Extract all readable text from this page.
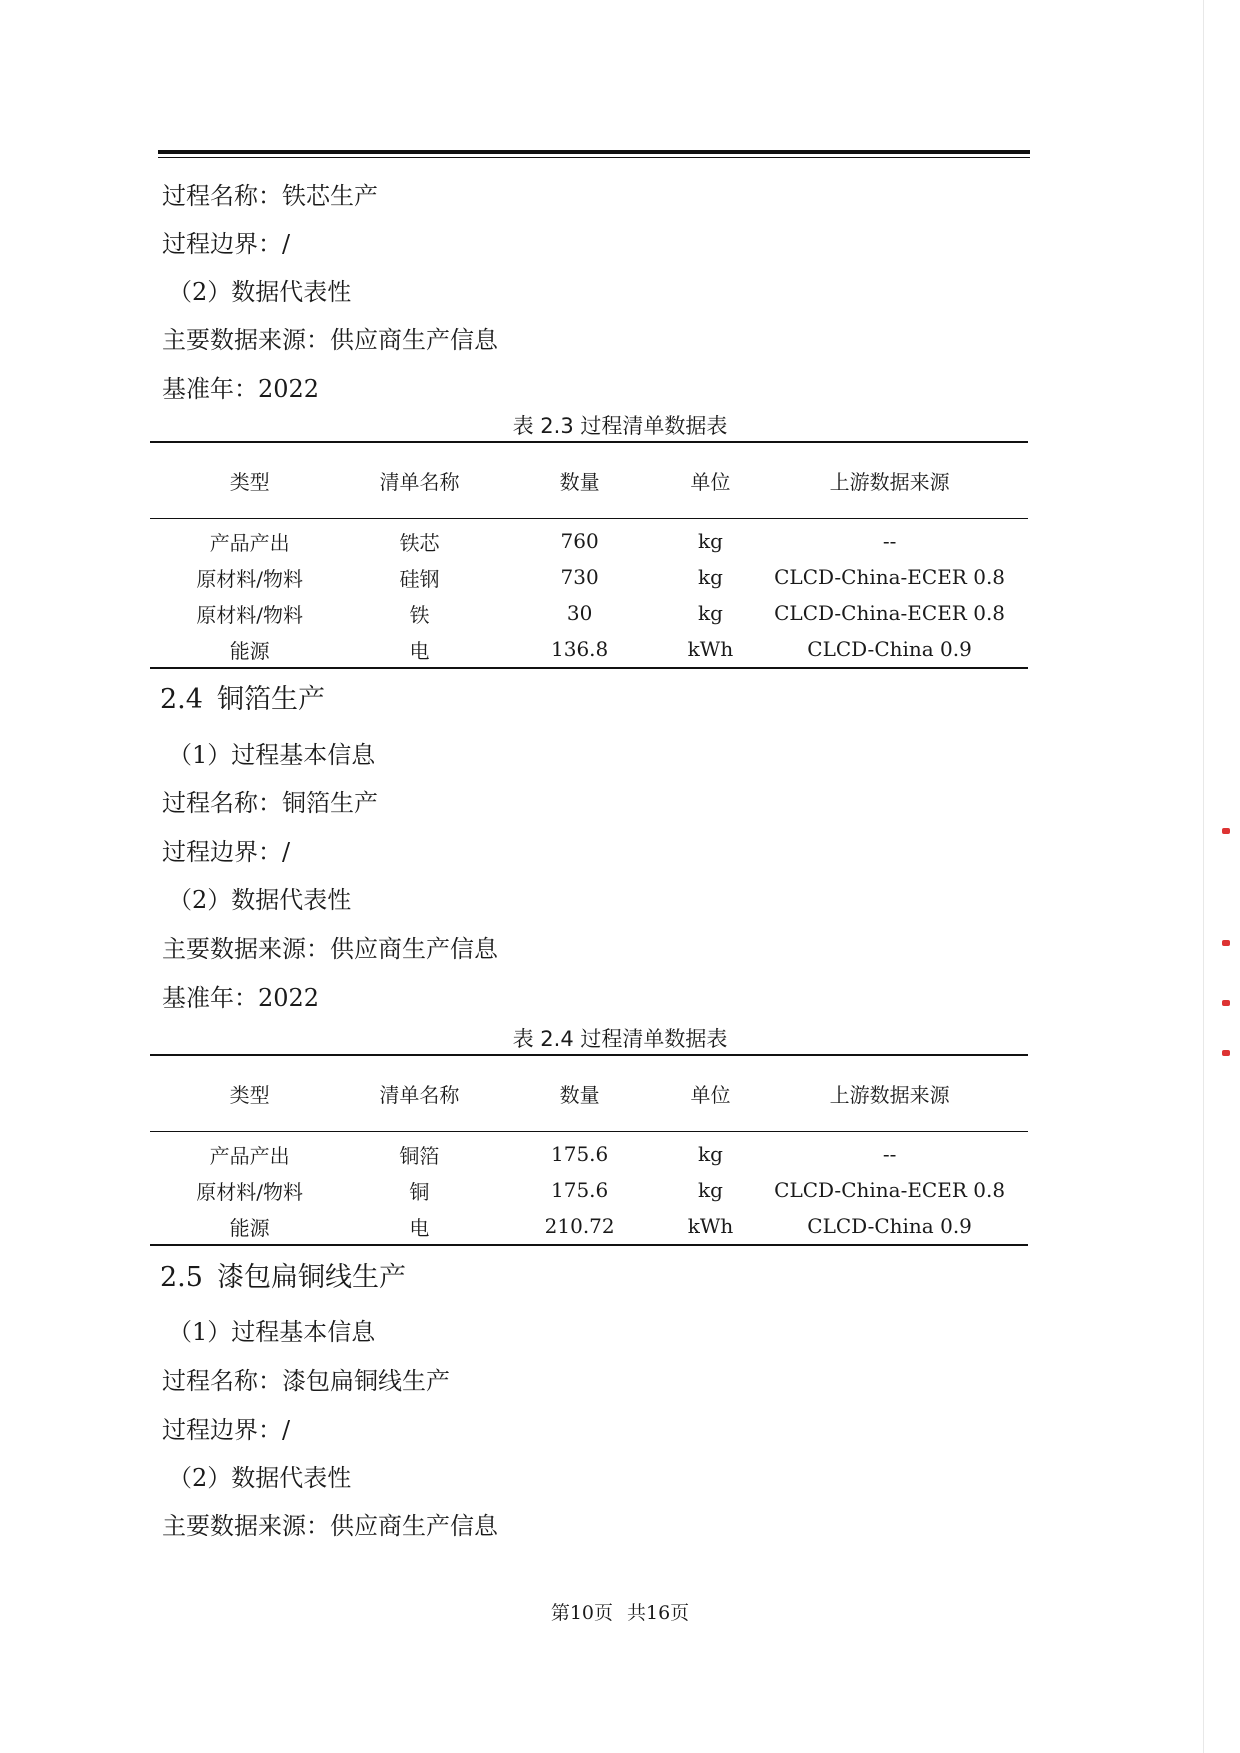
过程名称：铁芯生产
过程边界：/
（2）数据代表性
主要数据来源：供应商生产信息
基准年：2022
表 2.3 过程清单数据表
类型	清单名称	数量	单位	上游数据来源
产品产出	铁芯	760	kg	--
原材料/物料	硅钢	730	kg	CLCD-China-ECER 0.8
原材料/物料	铁	30	kg	CLCD-China-ECER 0.8
能源	电	136.8	kWh	CLCD-China 0.9
2.4 铜箔生产
（1）过程基本信息
过程名称：铜箔生产
过程边界：/
（2）数据代表性
主要数据来源：供应商生产信息
基准年：2022
表 2.4 过程清单数据表
类型	清单名称	数量	单位	上游数据来源
产品产出	铜箔	175.6	kg	--
原材料/物料	铜	175.6	kg	CLCD-China-ECER 0.8
能源	电	210.72	kWh	CLCD-China 0.9
2.5 漆包扁铜线生产
（1）过程基本信息
过程名称：漆包扁铜线生产
过程边界：/
（2）数据代表性
主要数据来源：供应商生产信息
第10页 共16页
